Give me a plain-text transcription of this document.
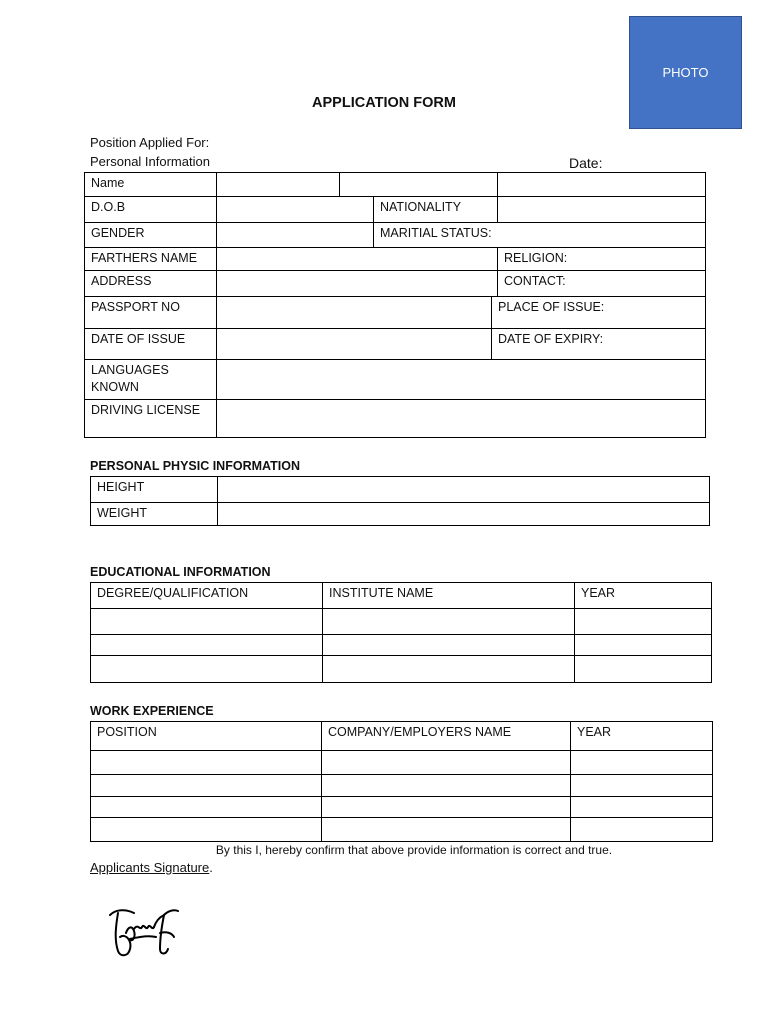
PHOTO
APPLICATION FORM
Position Applied For:
Personal Information	Date:
Name					
D.O.B			NATIONALITY		
GENDER			MARITIAL STATUS:		
FARTHERS NAME					RELIGION:
ADDRESS					CONTACT:
PASSPORT NO				PLACE OF ISSUE:	
DATE OF ISSUE				DATE OF EXPIRY:	
LANGUAGES KNOWN					
DRIVING LICENSE					
PERSONAL PHYSIC INFORMATION
HEIGHT	
WEIGHT	
EDUCATIONAL INFORMATION
DEGREE/QUALIFICATION	INSTITUTE NAME	YEAR

WORK EXPERIENCE
POSITION	COMPANY/EMPLOYERS NAME	YEAR

By this I, hereby confirm that above provide information is correct and true.
Applicants Signature.
